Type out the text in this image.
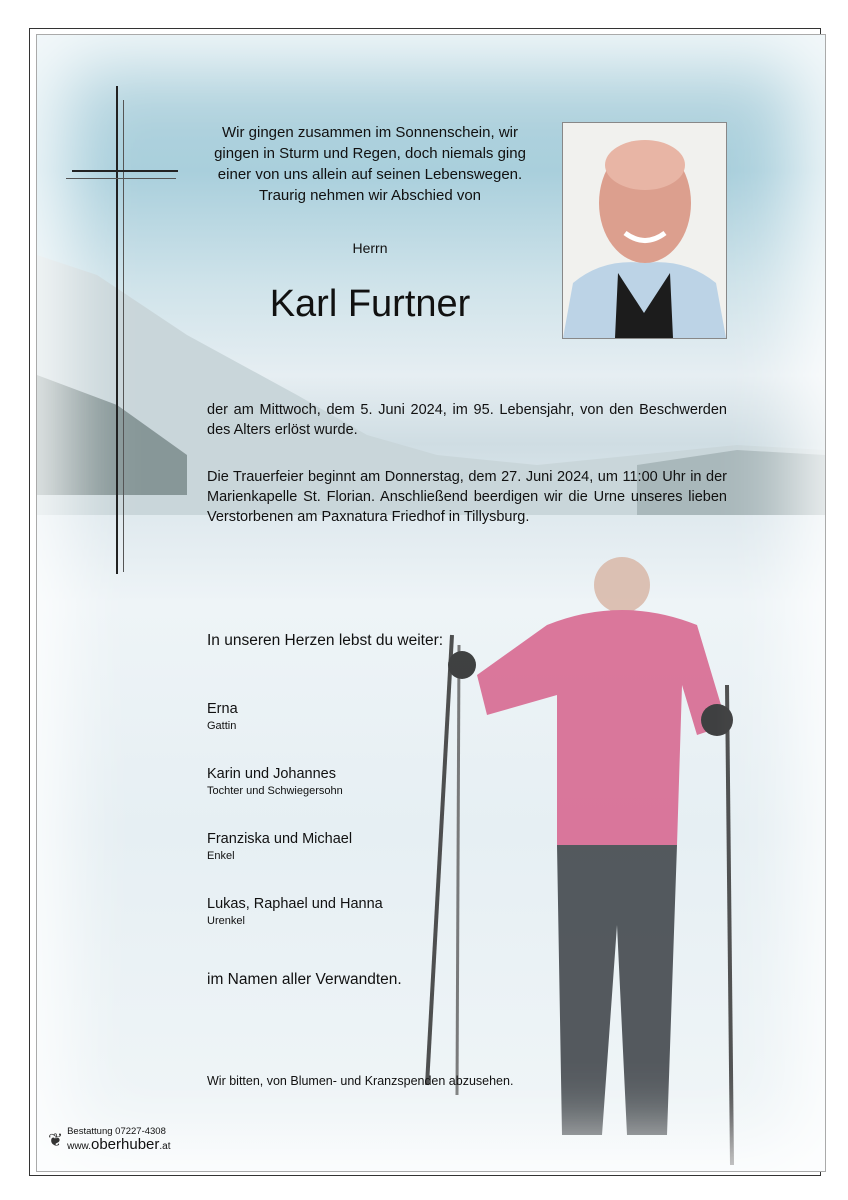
Wir gingen zusammen im Sonnenschein, wir
gingen in Sturm und Regen, doch niemals ging
einer von uns allein auf seinen Lebenswegen.
Traurig nehmen wir Abschied von
Herrn
Karl Furtner
der am Mittwoch, dem 5. Juni 2024, im 95. Lebensjahr, von den Beschwerden des Alters erlöst wurde.
Die Trauerfeier beginnt am Donnerstag, dem 27. Juni 2024, um 11:00 Uhr in der Marienkapelle St. Florian. Anschließend beerdigen wir die Urne unseres lieben Verstorbenen am Paxnatura Friedhof in Tillysburg.
In unseren Herzen lebst du weiter:
Erna
Gattin
Karin und Johannes
Tochter und Schwiegersohn
Franziska und Michael
Enkel
Lukas, Raphael und Hanna
Urenkel
im Namen aller Verwandten.
Wir bitten, von Blumen- und Kranzspenden abzusehen.
❦ Bestattung 07227-4308
www.oberhuber.at
